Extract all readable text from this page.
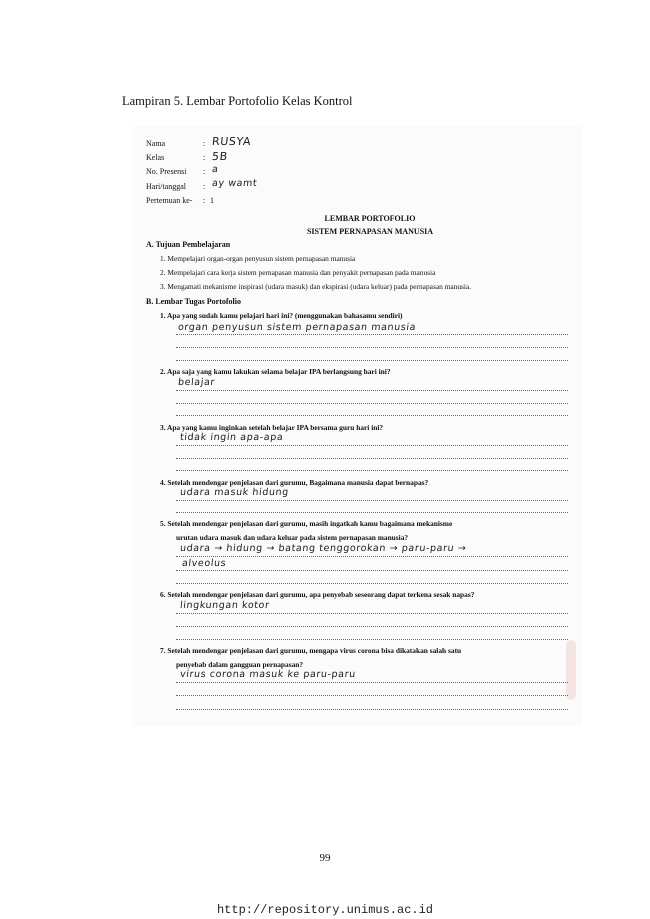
Lampiran 5. Lembar Portofolio Kelas Kontrol
Nama	: RUSYA
Kelas	: 5B
No. Presensi : a
Hari/tanggal : ay wamt
Pertemuan ke- : 1
LEMBAR PORTOFOLIO
SISTEM PERNAPASAN MANUSIA
A. Tujuan Pembelajaran
1. Mempelajari organ-organ penyusun sistem pernapasan manusia
2. Mempelajari cara kerja sistem pernapasan manusia dan penyakit pernapasan pada manusia
3. Mengamati mekanisme inspirasi (udara masuk) dan ekspirasi (udara keluar) pada pernapasan manusia.
B. Lembar Tugas Portofolio
1. Apa yang sudah kamu pelajari hari ini? (menggunakan bahasamu sendiri)
organ penyusun sistem pernapasan manusia
2. Apa saja yang kamu lakukan selama belajar IPA berlangsung hari ini?
belajar
3. Apa yang kamu inginkan setelah belajar IPA bersama guru hari ini?
tidak ingin apa-apa
4. Setelah mendengar penjelasan dari gurumu, Bagaimana manusia dapat bernapas?
udara masuk hidung
5. Setelah mendengar penjelasan dari gurumu, masih ingatkah kamu bagaimana mekanisme
urutan udara masuk dan udara keluar pada sistem pernapasan manusia?
udara → hidung → batang tenggorokan → paru-paru →
alveolus
6. Setelah mendengar penjelasan dari gurumu, apa penyebab seseorang dapat terkena sesak napas?
lingkungan kotor
7. Setelah mendengar penjelasan dari gurumu, mengapa virus corona bisa dikatakan salah satu
penyebab dalam gangguan pernapasan?
virus corona masuk ke paru-paru
99
http://repository.unimus.ac.id
